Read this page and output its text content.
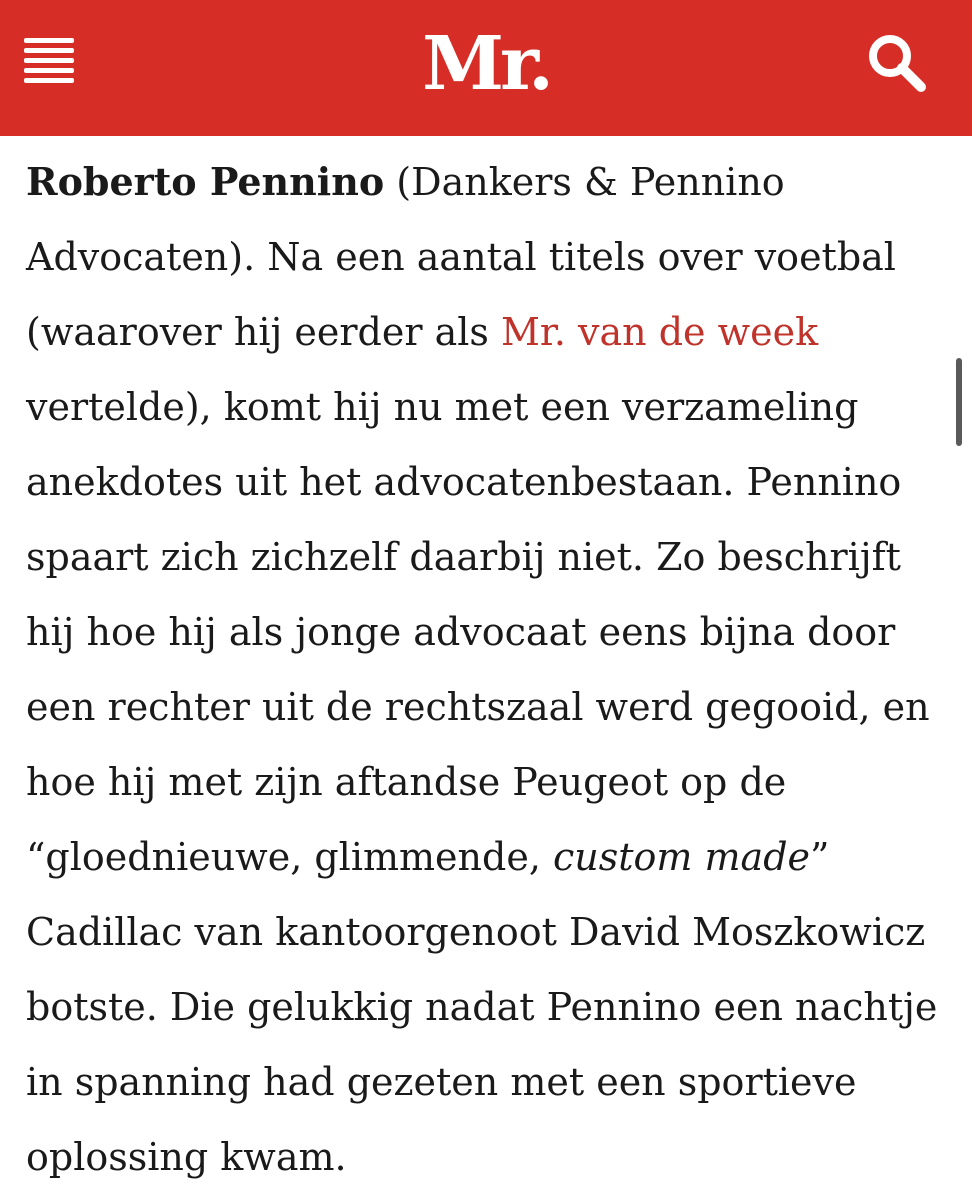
Mr.

Roberto Pennino (Dankers & Pennino Advocaten). Na een aantal titels over voetbal (waarover hij eerder als Mr. van de week vertelde), komt hij nu met een verzameling anekdotes uit het advocatenbestaan. Pennino spaart zich zichzelf daarbij niet. Zo beschrijft hij hoe hij als jonge advocaat eens bijna door een rechter uit de rechtszaal werd gegooid, en hoe hij met zijn aftandse Peugeot op de “gloednieuwe, glimmende, custom made” Cadillac van kantoorgenoot David Moszkowicz botste. Die gelukkig nadat Pennino een nachtje in spanning had gezeten met een sportieve oplossing kwam.
